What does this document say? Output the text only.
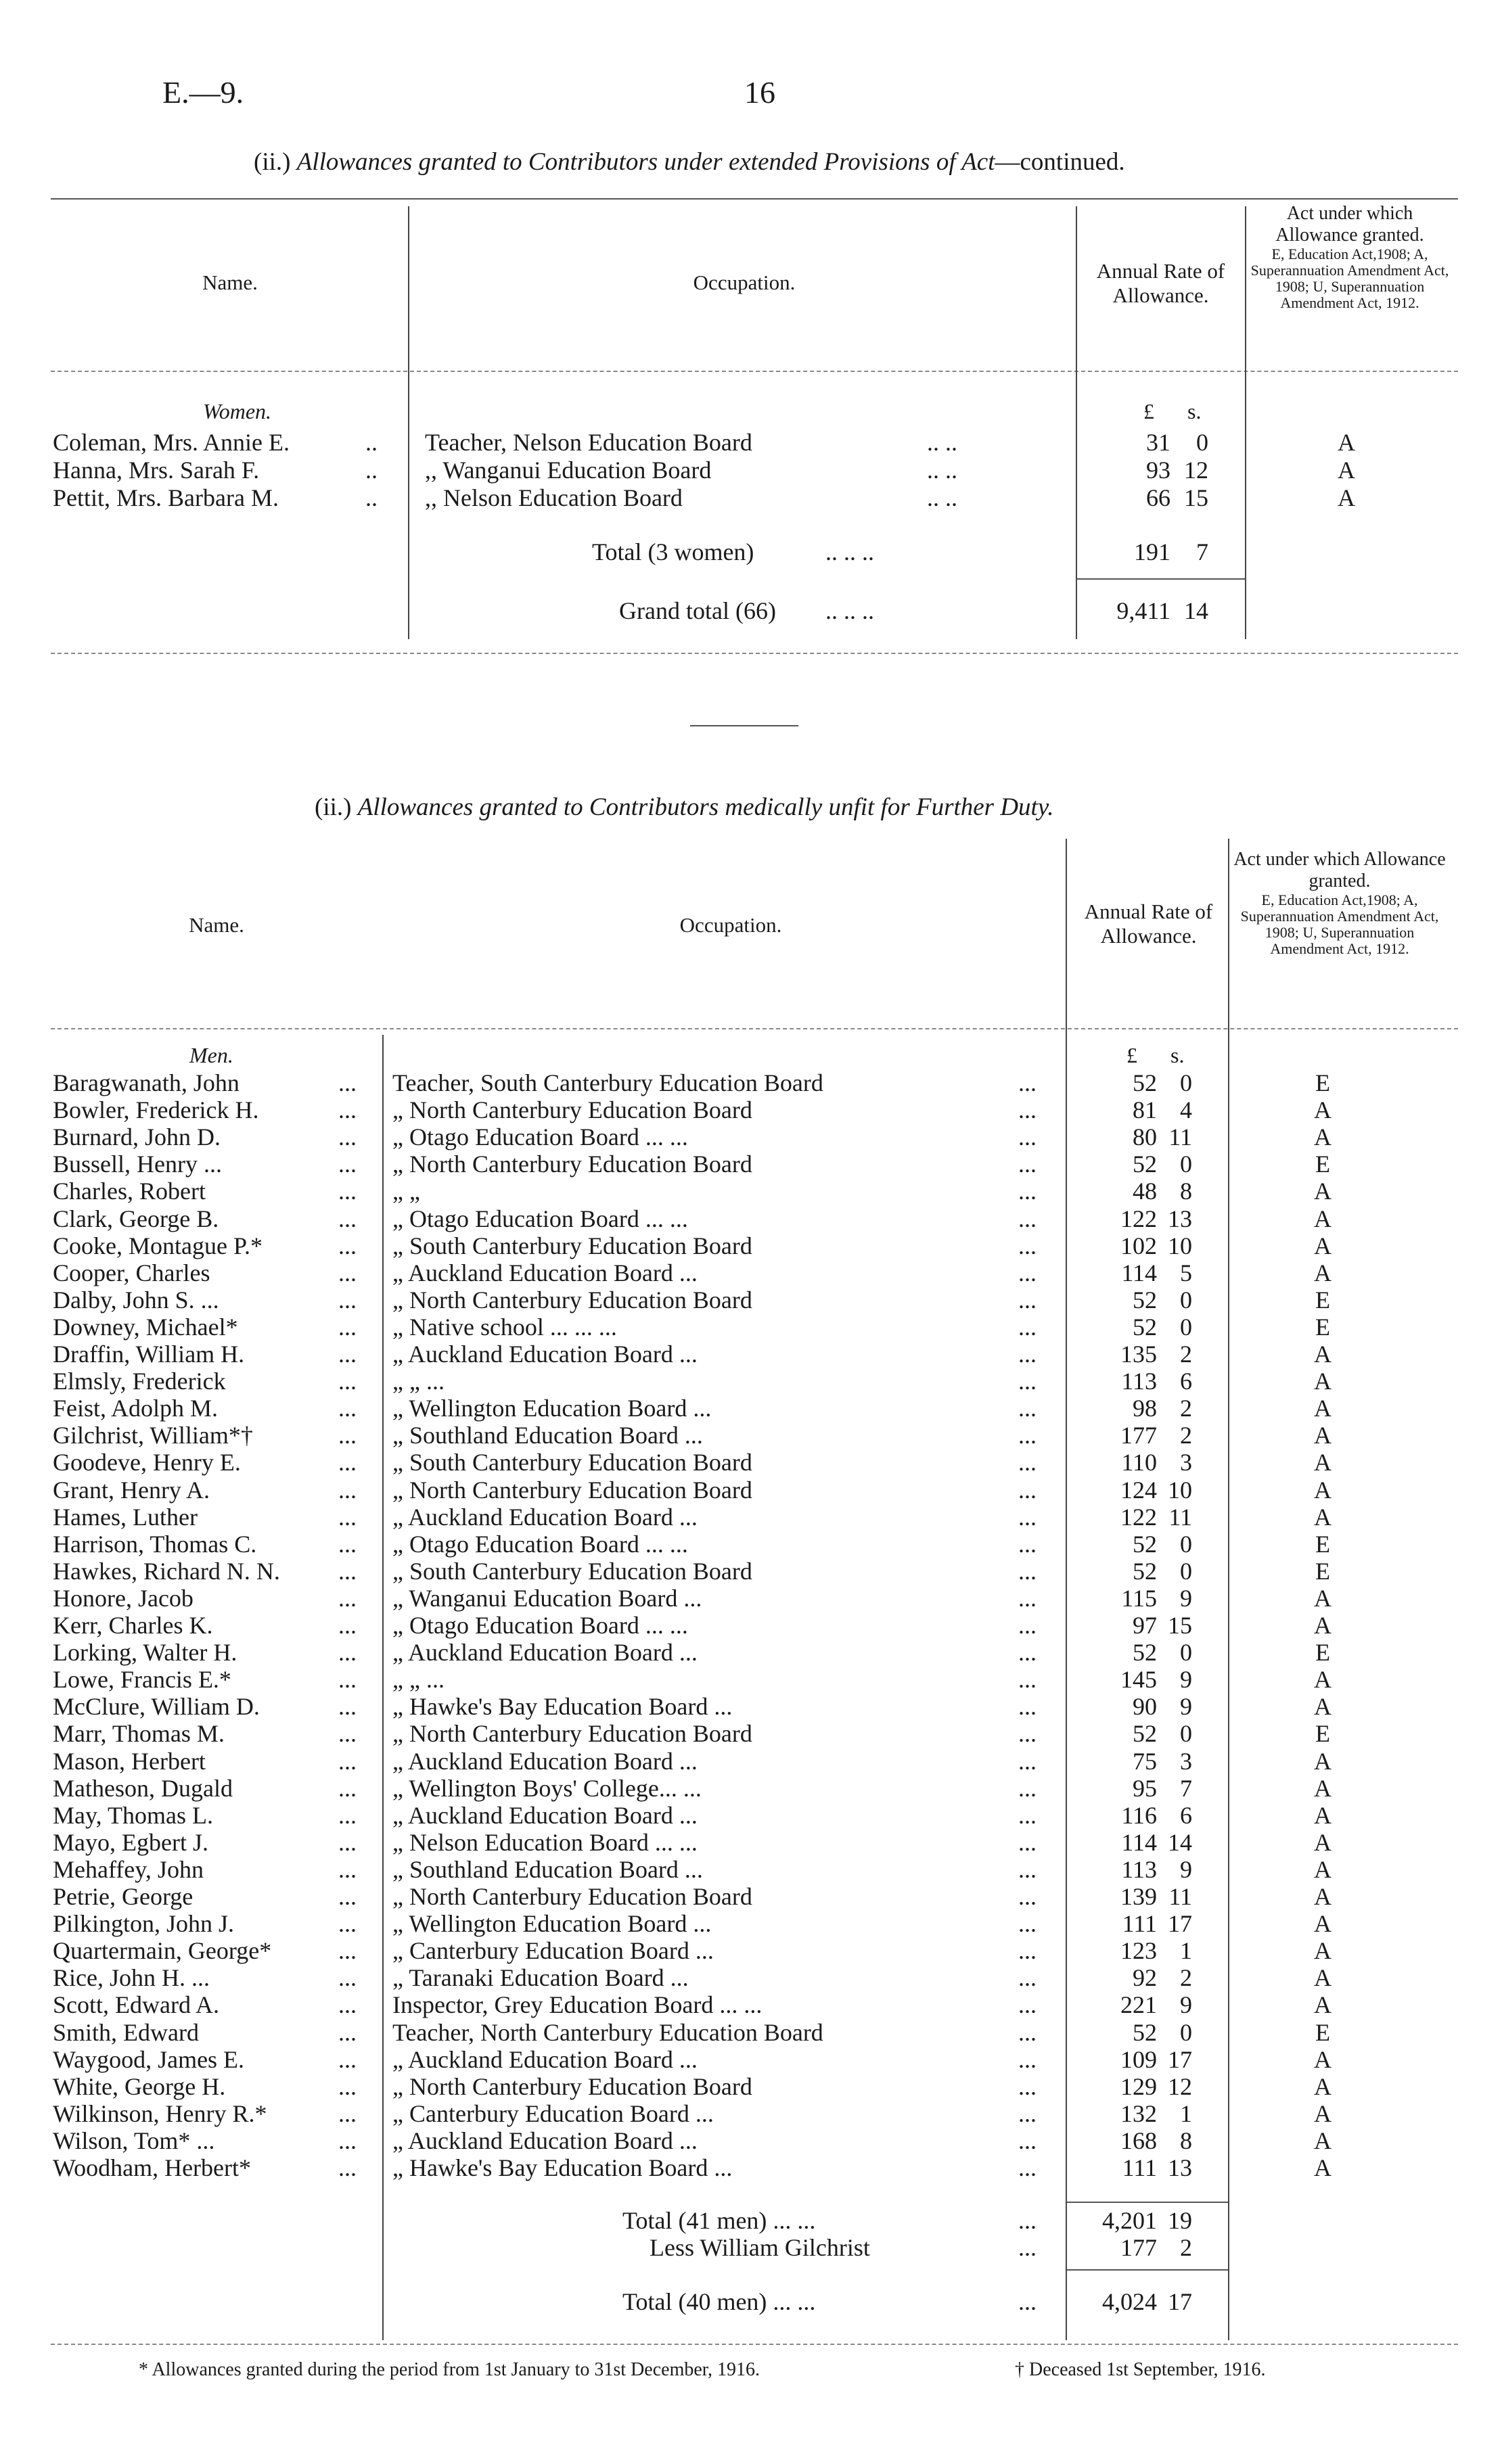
E.—9.	16
(ii.) Allowances granted to Contributors under extended Provisions of Act—continued.
Name.	Occupation.	Annual Rate of Allowance.
Act under which Allowance granted.
E, Education Act,1908; A, Superannuation Amendment Act, 1908; U, Superannuation Amendment Act, 1912.
Women.	£ s.
Coleman, Mrs. Annie E.	.. Teacher, Nelson Education Board	.. ..	31	0	A
Hanna, Mrs. Sarah F.	.. ,, Wanganui Education Board	.. ..	93 12	A
Pettit, Mrs. Barbara M.	.. ,, Nelson Education Board	.. ..	66 15	A
Total (3 women)	.. .. ..	191	7
Grand total (66) .. .. ..	9,411 14
(ii.) Allowances granted to Contributors medically unfit for Further Duty.
Name.	Occupation.
Annual Rate of Allowance.
Act under which Allowance granted.
E, Education Act,1908; A, Superannuation Amendment Act, 1908; U, Superannuation Amendment Act, 1912.
Men.	£ s.
Baragwanath, John	... Teacher, South Canterbury Education Board	...	52 0	E
Bowler, Frederick H.	... „ North Canterbury Education Board	...	81 4	A
Burnard, John D.	... „ Otago Education Board ... ...	...	80 11	A
Bussell, Henry ...	... „ North Canterbury Education Board	...	52 0	E
Charles, Robert	... „ „	...	48 8	A
Clark, George B.	... „ Otago Education Board ... ...	...	122 13	A
Cooke, Montague P.*	... „ South Canterbury Education Board	...	102 10	A
Cooper, Charles	... „ Auckland Education Board ...	...	114 5	A
Dalby, John S. ...	... „ North Canterbury Education Board	...	52 0	E
Downey, Michael*	... „ Native school ... ... ...	...	52 0	E
Draffin, William H.	... „ Auckland Education Board ...	...	135 2	A
Elmsly, Frederick	... „ „ ...	...	113 6	A
Feist, Adolph M.	... „ Wellington Education Board ...	...	98 2	A
Gilchrist, William*†	... „ Southland Education Board ...	...	177 2	A
Goodeve, Henry E.	... „ South Canterbury Education Board	...	110 3	A
Grant, Henry A.	... „ North Canterbury Education Board	...	124 10	A
Hames, Luther	... „ Auckland Education Board ...	...	122 11	A
Harrison, Thomas C.	... „ Otago Education Board ... ...	...	52 0	E
Hawkes, Richard N. N. ... „ South Canterbury Education Board	...	52 0	E
Honore, Jacob	... „ Wanganui Education Board ...	...	115 9	A
Kerr, Charles K.	... „ Otago Education Board ... ...	...	97 15	A
Lorking, Walter H.	... „ Auckland Education Board ...	...	52 0	E
Lowe, Francis E.*	... „ „ ...	...	145 9	A
McClure, William D.	... „ Hawke's Bay Education Board ...	...	90 9	A
Marr, Thomas M.	... „ North Canterbury Education Board	...	52 0	E
Mason, Herbert	... „ Auckland Education Board ...	...	75 3	A
Matheson, Dugald	... „ Wellington Boys' College... ...	...	95 7	A
May, Thomas L.	... „ Auckland Education Board ...	...	116 6	A
Mayo, Egbert J.	... „ Nelson Education Board ... ...	...	114 14	A
Mehaffey, John	... „ Southland Education Board ...	...	113 9	A
Petrie, George	... „ North Canterbury Education Board	...	139 11	A
Pilkington, John J.	... „ Wellington Education Board ...	...	111 17	A
Quartermain, George*	... „ Canterbury Education Board ...	...	123 1	A
Rice, John H. ...	... „ Taranaki Education Board ...	...	92 2	A
Scott, Edward A.	... Inspector, Grey Education Board ... ...	...	221 9	A
Smith, Edward	... Teacher, North Canterbury Education Board	...	52 0	E
Waygood, James E.	... „ Auckland Education Board ...	...	109 17	A
White, George H.	... „ North Canterbury Education Board	...	129 12	A
Wilkinson, Henry R.*	... „ Canterbury Education Board ...	...	132 1	A
Wilson, Tom* ...	... „ Auckland Education Board ...	...	168 8	A
Woodham, Herbert*	... „ Hawke's Bay Education Board ...	...	111 13	A
Total (41 men) ... ...	...	4,201 19
Less William Gilchrist	...	177 2
Total (40 men) ... ...	...	4,024 17
* Allowances granted during the period from 1st January to 31st December, 1916.	† Deceased 1st September, 1916.
